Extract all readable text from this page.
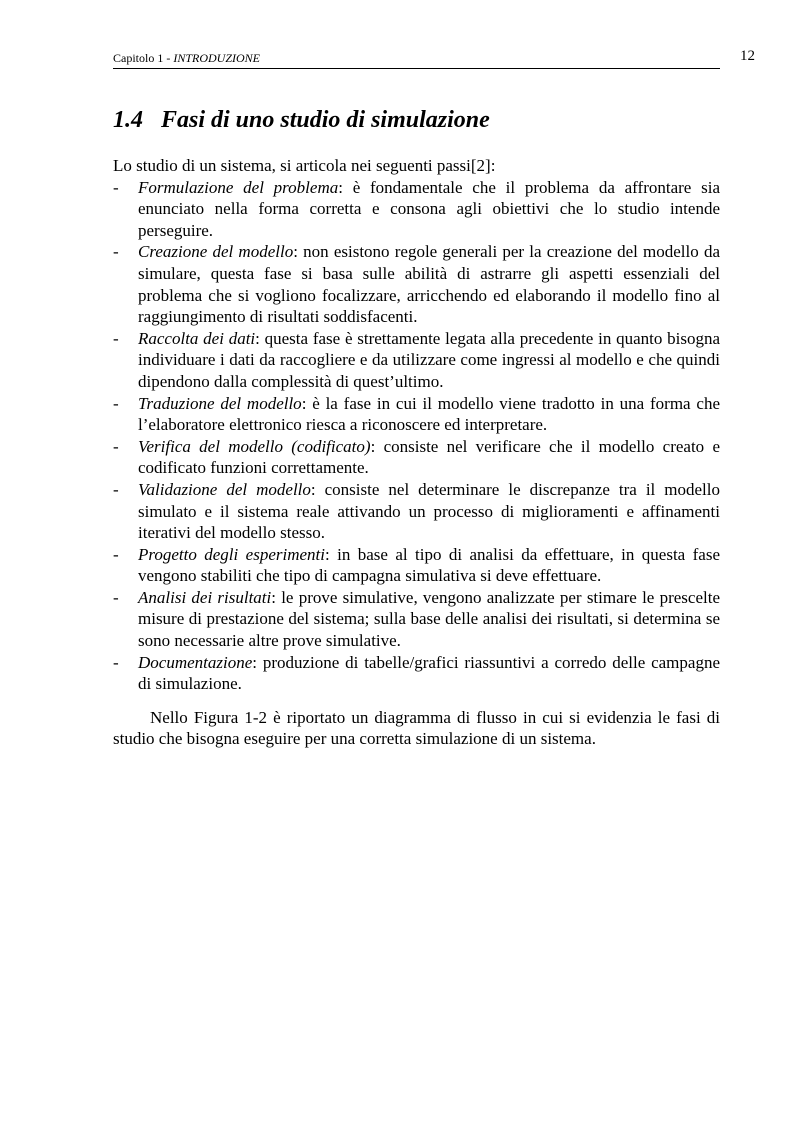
Capitolo 1 - INTRODUZIONE	12
1.4 Fasi di uno studio di simulazione

Lo studio di un sistema, si articola nei seguenti passi[2]:

- Formulazione del problema: è fondamentale che il problema da affrontare sia enunciato nella forma corretta e consona agli obiettivi che lo studio intende perseguire.
- Creazione del modello: non esistono regole generali per la creazione del modello da simulare, questa fase si basa sulle abilità di astrarre gli aspetti essenziali del problema che si vogliono focalizzare, arricchendo ed elaborando il modello fino al raggiungimento di risultati soddisfacenti.
- Raccolta dei dati: questa fase è strettamente legata alla precedente in quanto bisogna individuare i dati da raccogliere e da utilizzare come ingressi al modello e che quindi dipendono dalla complessità di quest’ultimo.
- Traduzione del modello: è la fase in cui il modello viene tradotto in una forma che l’elaboratore elettronico riesca a riconoscere ed interpretare.
- Verifica del modello (codificato): consiste nel verificare che il modello creato e codificato funzioni correttamente.
- Validazione del modello: consiste nel determinare le discrepanze tra il modello simulato e il sistema reale attivando un processo di miglioramenti e affinamenti iterativi del modello stesso.
- Progetto degli esperimenti: in base al tipo di analisi da effettuare, in questa fase vengono stabiliti che tipo di campagna simulativa si deve effettuare.
- Analisi dei risultati: le prove simulative, vengono analizzate per stimare le prescelte misure di prestazione del sistema; sulla base delle analisi dei risultati, si determina se sono necessarie altre prove simulative.
- Documentazione: produzione di tabelle/grafici riassuntivi a corredo delle campagne di simulazione.

Nello Figura 1-2 è riportato un diagramma di flusso in cui si evidenzia le fasi di studio che bisogna eseguire per una corretta simulazione di un sistema.
